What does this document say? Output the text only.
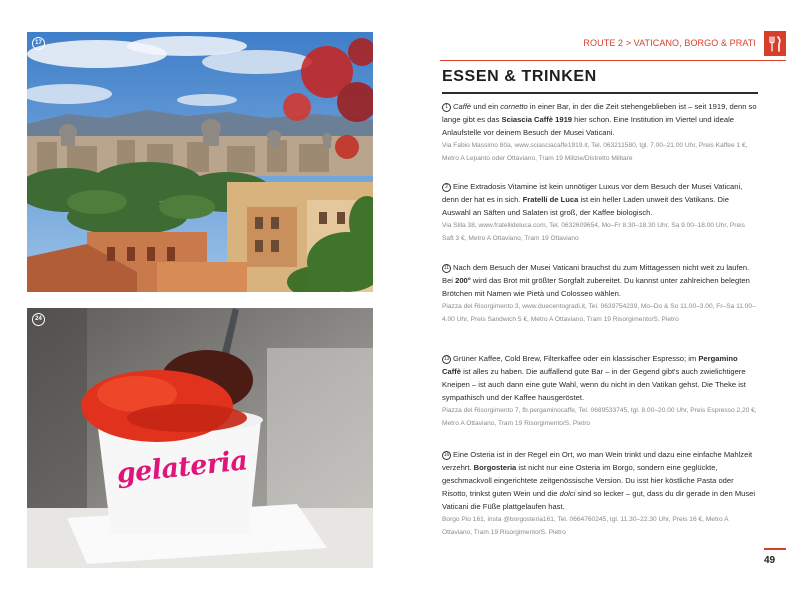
17
24
gelateria
ROUTE 2 > VATICANO, BORGO & PRATI
ESSEN & TRINKEN

1 Caffè und ein cornetto in einer Bar, in der die Zeit stehengeblieben ist – seit 1919, denn so lange gibt es das Sciascia Caffè 1919 hier schon. Eine Institution im Viertel und ideale Anlaufstelle vor deinem Besuch der Musei Vaticani.

Via Fabio Massimo 80a, www.sciasciacaffe1919.it, Tel. 063211580, tgl. 7.00–21.00 Uhr, Preis Kaffee 1 €, Metro A Lepanto oder Ottaviano, Tram 19 Milizie/Distretto Militare

2 Eine Extradosis Vitamine ist kein unnötiger Luxus vor dem Besuch der Musei Vaticani, denn der hat es in sich. Fratelli de Luca ist ein heller Laden unweit des Vatikans. Die Auswahl an Säften und Salaten ist groß, der Kaffee biologisch.

Via Silla 38, www.fratellideluca.com, Tel. 0632609654, Mo–Fr 8.30–18.30 Uhr, Sa 9.00–18.00 Uhr, Preis Saft 3 €, Metro A Ottaviano, Tram 19 Ottaviano

11 Nach dem Besuch der Musei Vaticani brauchst du zum Mittagessen nicht weit zu laufen. Bei 200° wird das Brot mit größter Sorgfalt zubereitet. Du kannst unter zahlreichen belegten Brötchen mit Namen wie Pietà und Colosseo wählen.

Piazza del Risorgimento 3, www.duecentogradi.it, Tel. 0639754239, Mo–Do & So 11.00–3.00, Fr–Sa 11.00–4.00 Uhr, Preis Sandwich 5 €, Metro A Ottaviano, Tram 19 Risorgimento/S. Pietro

13 Grüner Kaffee, Cold Brew, Filterkaffee oder ein klassischer Espresso; im Pergamino Caffè ist alles zu haben. Die auffallend gute Bar – in der Gegend gibt's auch zwielichtigere Kneipen – ist auch dann eine gute Wahl, wenn du nicht in den Vatikan gehst. Die Theke ist sympathisch und der Kaffee hausgeröstet.

Piazza del Risorgimento 7, fb.pergaminocaffe, Tel. 0689533745, tgl. 8.00–20.00 Uhr, Preis Espresso 2,20 €, Metro A Ottaviano, Tram 19 Risorgimento/S. Pietro

16 Eine Osteria ist in der Regel ein Ort, wo man Wein trinkt und dazu eine einfache Mahlzeit verzehrt. Borgosteria ist nicht nur eine Osteria im Borgo, sondern eine geglückte, geschmackvoll eingerichtete zeitgenössische Version. Du isst hier köstliche Pasta oder Risotto, trinkst guten Wein und die dolci sind so lecker – gut, dass du dir gerade in den Musei Vaticani die Füße plattgelaufen hast.

Borgo Pio 161, insta @borgosteria161, Tel. 0664760245, tgl. 11.30–22.30 Uhr, Preis 16 €, Metro A Ottaviano, Tram 19 Risorgimento/S. Pietro

49
